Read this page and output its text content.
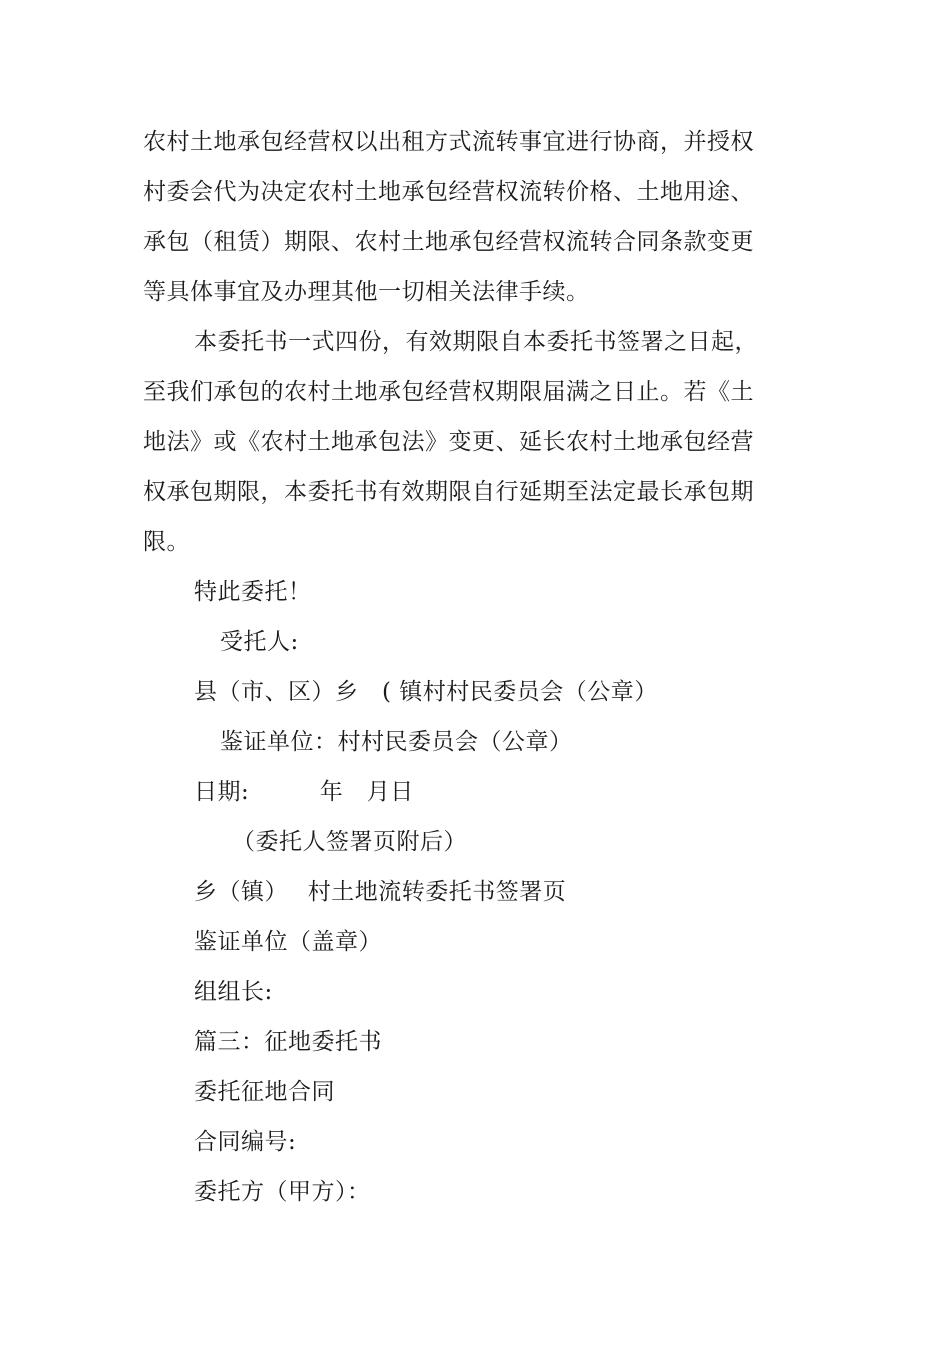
农村土地承包经营权以出租方式流转事宜进行协商，并授权
村委会代为决定农村土地承包经营权流转价格、土地用途、
承包（租赁）期限、农村土地承包经营权流转合同条款变更
等具体事宜及办理其他一切相关法律手续。
本委托书一式四份，有效期限自本委托书签署之日起，
至我们承包的农村土地承包经营权期限届满之日止。若《土
地法》或《农村土地承包法》变更、延长农村土地承包经营
权承包期限，本委托书有效期限自行延期至法定最长承包期
限。
特此委托！
受托人:
县（市、区）乡　( 镇村村民委员会（公章）
鉴证单位：村村民委员会（公章）
日期:　　　年　月日
（委托人签署页附后）
乡（镇）　 村土地流转委托书签署页
鉴证单位（盖章）
组组长:
篇三：征地委托书
委托征地合同
合同编号:
委托方（甲方）：
